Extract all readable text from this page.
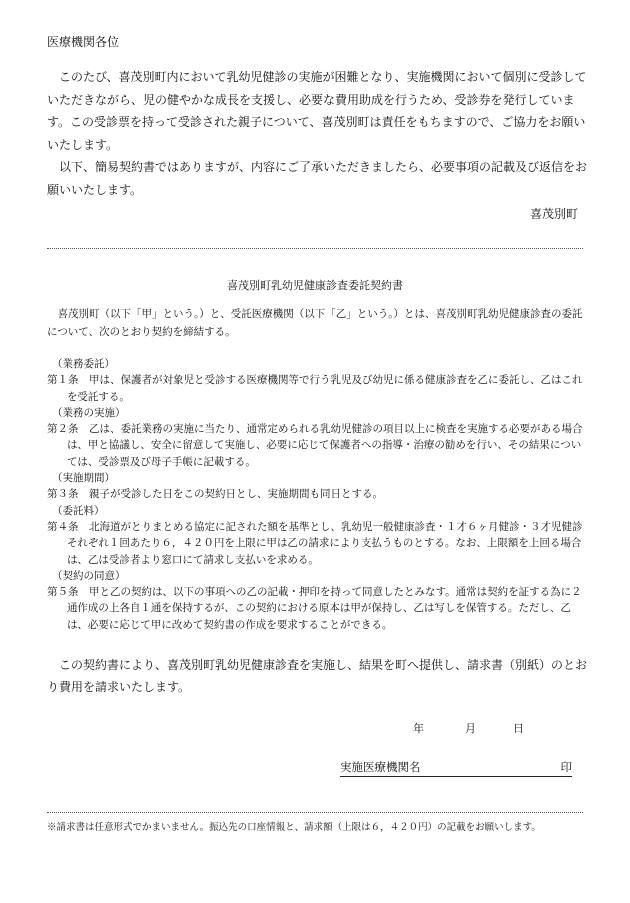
医療機関各位

このたび、喜茂別町内において乳幼児健診の実施が困難となり、実施機関において個別に受診していただきながら、児の健やかな成長を支援し、必要な費用助成を行うため、受診券を発行しています。この受診票を持って受診された親子について、喜茂別町は責任をもちますので、ご協力をお願いいたします。

以下、簡易契約書ではありますが、内容にご了承いただきましたら、必要事項の記載及び返信をお願いいたします。

喜茂別町
喜茂別町乳幼児健康診査委託契約書

喜茂別町（以下「甲」という。）と、受託医療機関（以下「乙」という。）とは、喜茂別町乳幼児健康診査の委託について、次のとおり契約を締結する。

（業務委託）

第１条　 甲は、保護者が対象児と受診する医療機関等で行う乳児及び幼児に係る健康診査を乙に委託し、乙はこれを受託する。

（業務の実施）

第２条　 乙は、委託業務の実施に当たり、通常定められる乳幼児健診の項目以上に検査を実施する必要がある場合は、甲と協議し、安全に留意して実施し、必要に応じて保護者への指導・治療の勧めを行い、その結果については、受診票及び母子手帳に記載する。

（実施期間）

第３条　 親子が受診した日をこの契約日とし、実施期間も同日とする。

（委託料）

第４条　 北海道がとりまとめる協定に記された額を基準とし、乳幼児一般健康診査・１才６ヶ月健診・３才児健診それぞれ１回あたり６，４２０円を上限に甲は乙の請求により支払うものとする。なお、上限額を上回る場合は、乙は受診者より窓口にて請求し支払いを求める。

（契約の同意）

第５条　 甲と乙の契約は、以下の事項への乙の記載・押印を持って同意したとみなす。通常は契約を証する為に２通作成の上各自１通を保持するが、この契約における原本は甲が保持し、乙は写しを保管する。ただし、乙は、必要に応じて甲に改めて契約書の作成を要求することができる。

この契約書により、喜茂別町乳幼児健康診査を実施し、結果を町へ提供し、請求書（別紙）のとおり費用を請求いたします。

年	月	日
実施医療機関名	印
※請求書は任意形式でかまいません。振込先の口座情報と、請求額（上限は６，４２０円）の記載をお願いします。
